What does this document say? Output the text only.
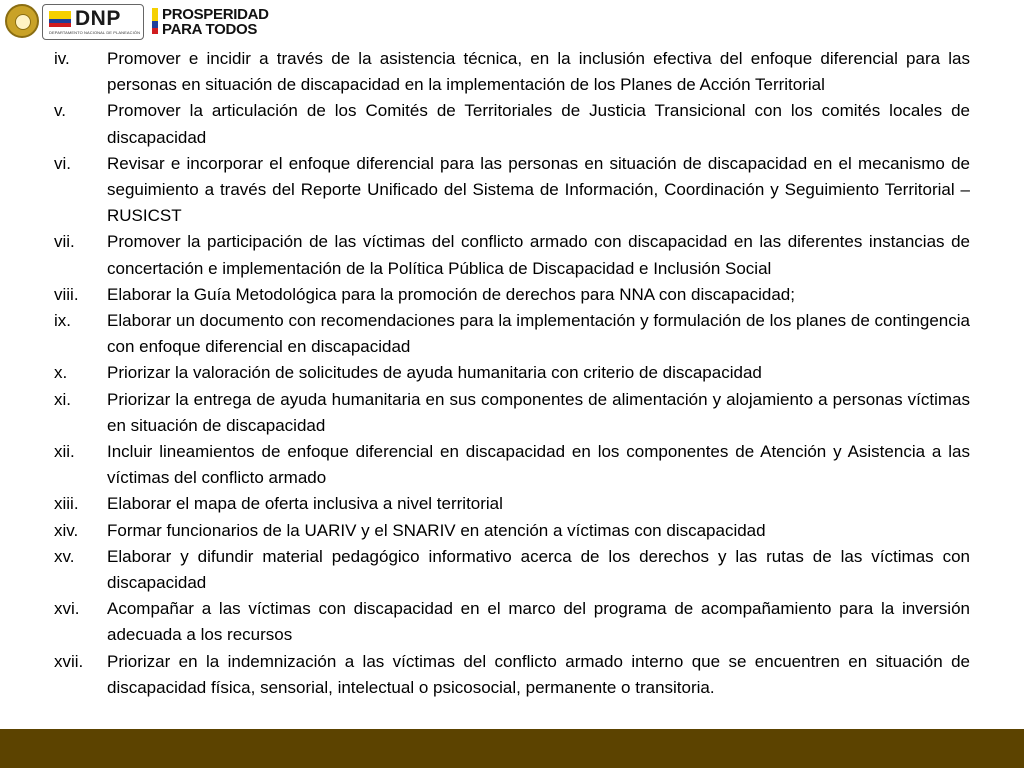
DNP
DEPARTAMENTO NACIONAL DE PLANEACIÓN
PROSPERIDAD
PARA TODOS
iv.	Promover e incidir a través de la asistencia técnica, en la inclusión efectiva del enfoque diferencial para las personas en situación de discapacidad en la implementación de los Planes de Acción Territorial
v.	Promover la articulación de los Comités de Territoriales de Justicia Transicional con los comités locales de discapacidad
vi.	Revisar e incorporar el enfoque diferencial para las personas en situación de discapacidad en el mecanismo de seguimiento a través del Reporte Unificado del Sistema de Información, Coordinación y Seguimiento Territorial – RUSICST
vii.	Promover la participación de las víctimas del conflicto armado con discapacidad en las diferentes instancias de concertación e implementación de la Política Pública de Discapacidad e Inclusión Social
viii.	Elaborar la Guía Metodológica para la promoción de derechos para NNA con discapacidad;
ix.	Elaborar un documento con recomendaciones para la implementación y formulación de los planes de contingencia con enfoque diferencial en discapacidad
x.	Priorizar la valoración de solicitudes de ayuda humanitaria con criterio de discapacidad
xi.	Priorizar la entrega de ayuda humanitaria en sus componentes de alimentación y alojamiento a personas víctimas en situación de discapacidad
xii.	Incluir lineamientos de enfoque diferencial en discapacidad en los componentes de Atención y Asistencia a las víctimas del conflicto armado
xiii.	Elaborar el mapa de oferta inclusiva a nivel territorial
xiv.	Formar funcionarios de la UARIV y el SNARIV en atención a víctimas con discapacidad
xv.	Elaborar y difundir material pedagógico informativo acerca de los derechos y las rutas de las víctimas con discapacidad
xvi.	Acompañar a las víctimas con discapacidad en el marco del programa de acompañamiento para la inversión adecuada a los recursos
xvii.	Priorizar en la indemnización a las víctimas del conflicto armado interno que se encuentren en situación de discapacidad física, sensorial, intelectual o psicosocial, permanente o transitoria.
